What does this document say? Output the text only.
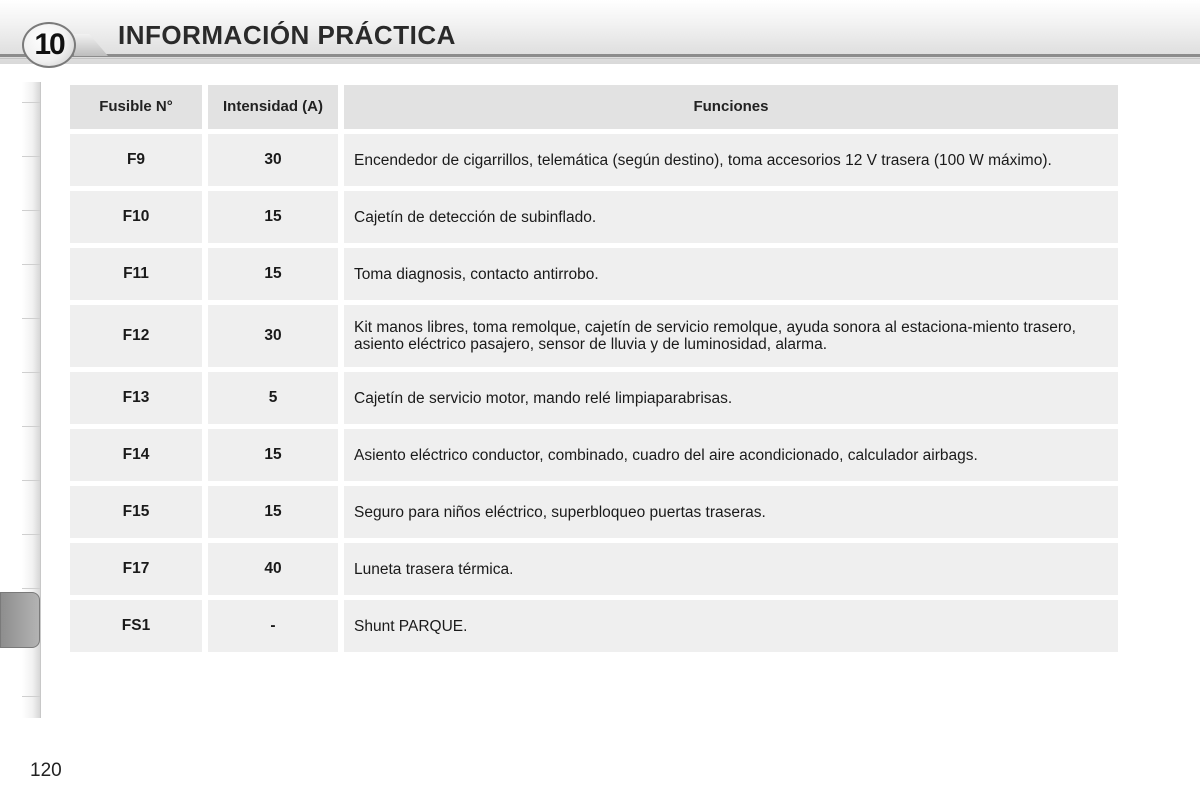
10	INFORMACIÓN PRÁCTICA
Fusible N°	Intensidad (A)	Funciones
F9	30	Encendedor de cigarrillos, telemática (según destino), toma accesorios 12 V trasera (100 W máximo).
F10	15	Cajetín de detección de subinflado.
F11	15	Toma diagnosis, contacto antirrobo.
F12	30	Kit manos libres, toma remolque, cajetín de servicio remolque, ayuda sonora al estaciona-miento trasero, asiento eléctrico pasajero, sensor de lluvia y de luminosidad, alarma.
F13	5	Cajetín de servicio motor, mando relé limpiaparabrisas.
F14	15	Asiento eléctrico conductor, combinado, cuadro del aire acondicionado, calculador airbags.
F15	15	Seguro para niños eléctrico, superbloqueo puertas traseras.
F17	40	Luneta trasera térmica.
FS1	-	Shunt PARQUE.
120
